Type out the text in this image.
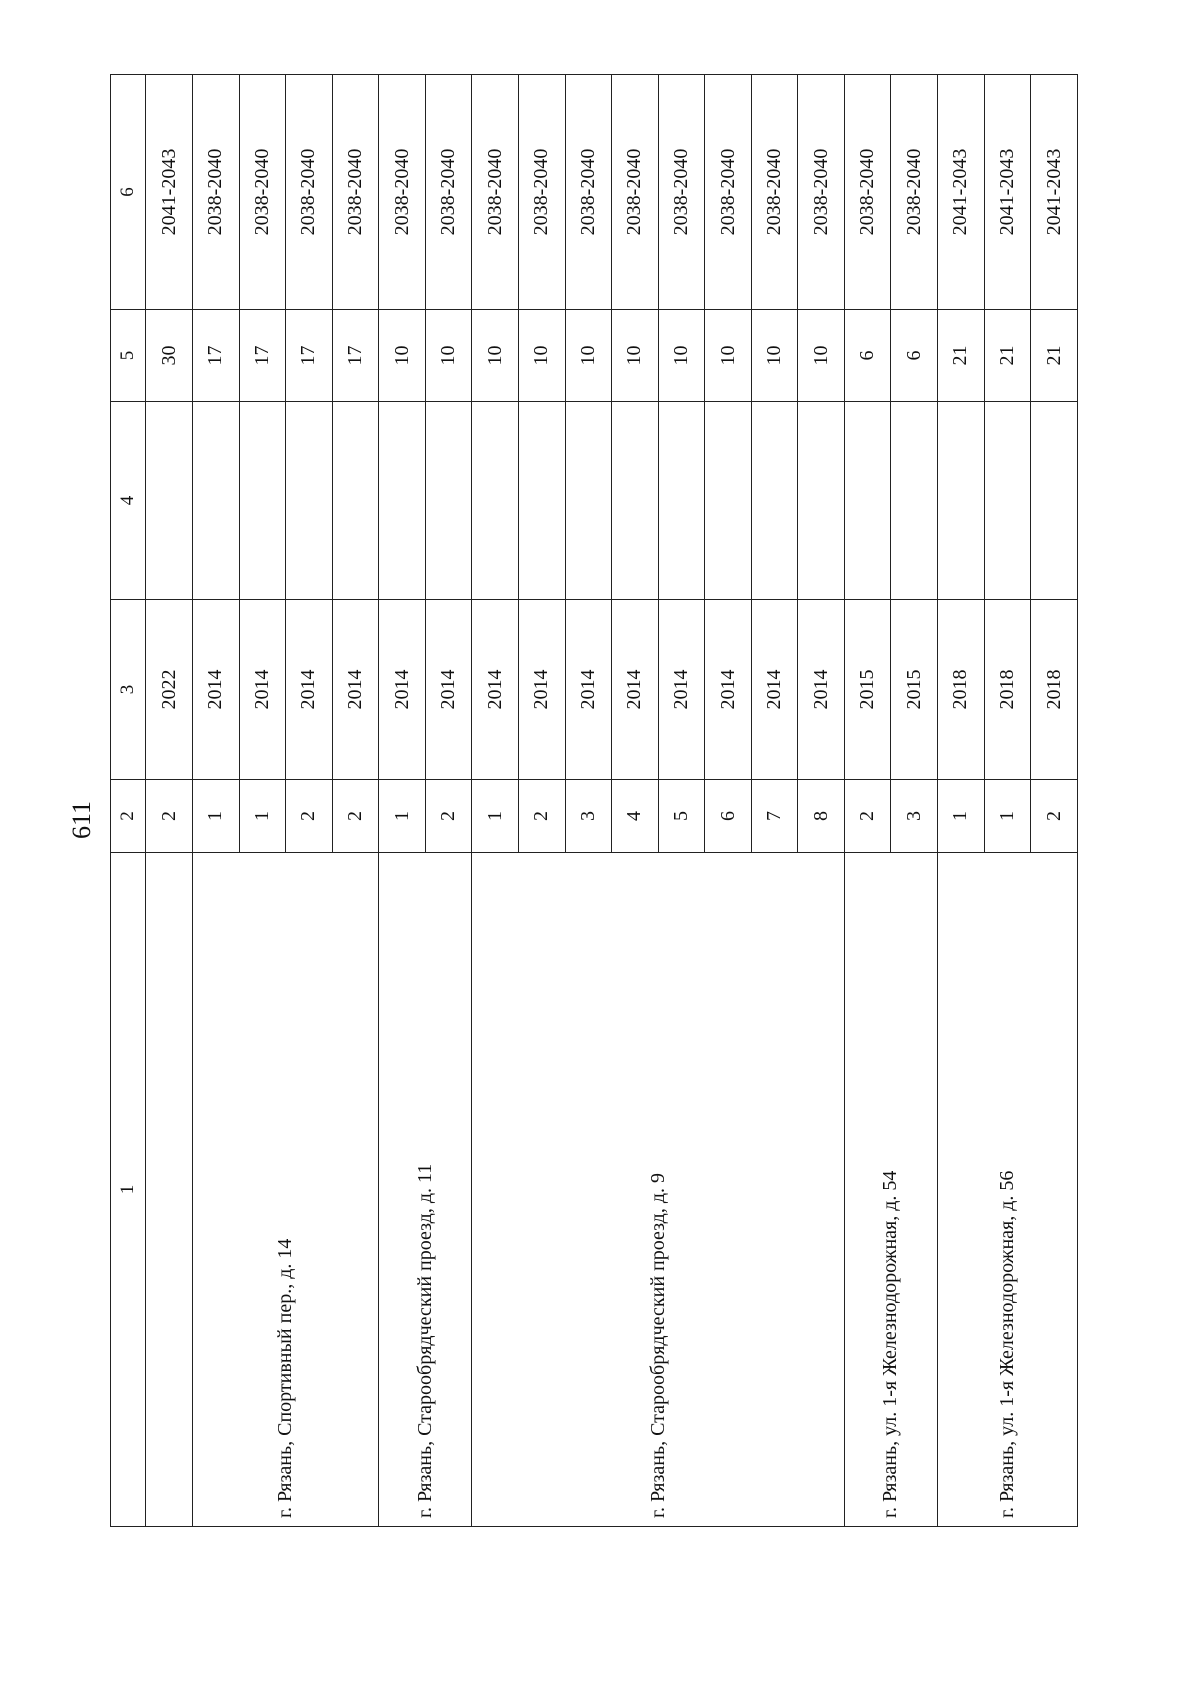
611
1	2	3	4	5	6
	2	2022		30	2041-2043
г. Рязань, Спортивный пер., д. 14	1	2014		17	2038-2040
	1	2014		17	2038-2040
	2	2014		17	2038-2040
	2	2014		17	2038-2040
г. Рязань, Старообрядческий проезд, д. 11	1	2014		10	2038-2040
	2	2014		10	2038-2040
г. Рязань, Старообрядческий проезд, д. 9	1	2014		10	2038-2040
	2	2014		10	2038-2040
	3	2014		10	2038-2040
	4	2014		10	2038-2040
	5	2014		10	2038-2040
	6	2014		10	2038-2040
	7	2014		10	2038-2040
	8	2014		10	2038-2040
г. Рязань, ул. 1-я Железнодорожная, д. 54	2	2015		6	2038-2040
	3	2015		6	2038-2040
г. Рязань, ул. 1-я Железнодорожная, д. 56	1	2018		21	2041-2043
	1	2018		21	2041-2043
	2	2018		21	2041-2043
